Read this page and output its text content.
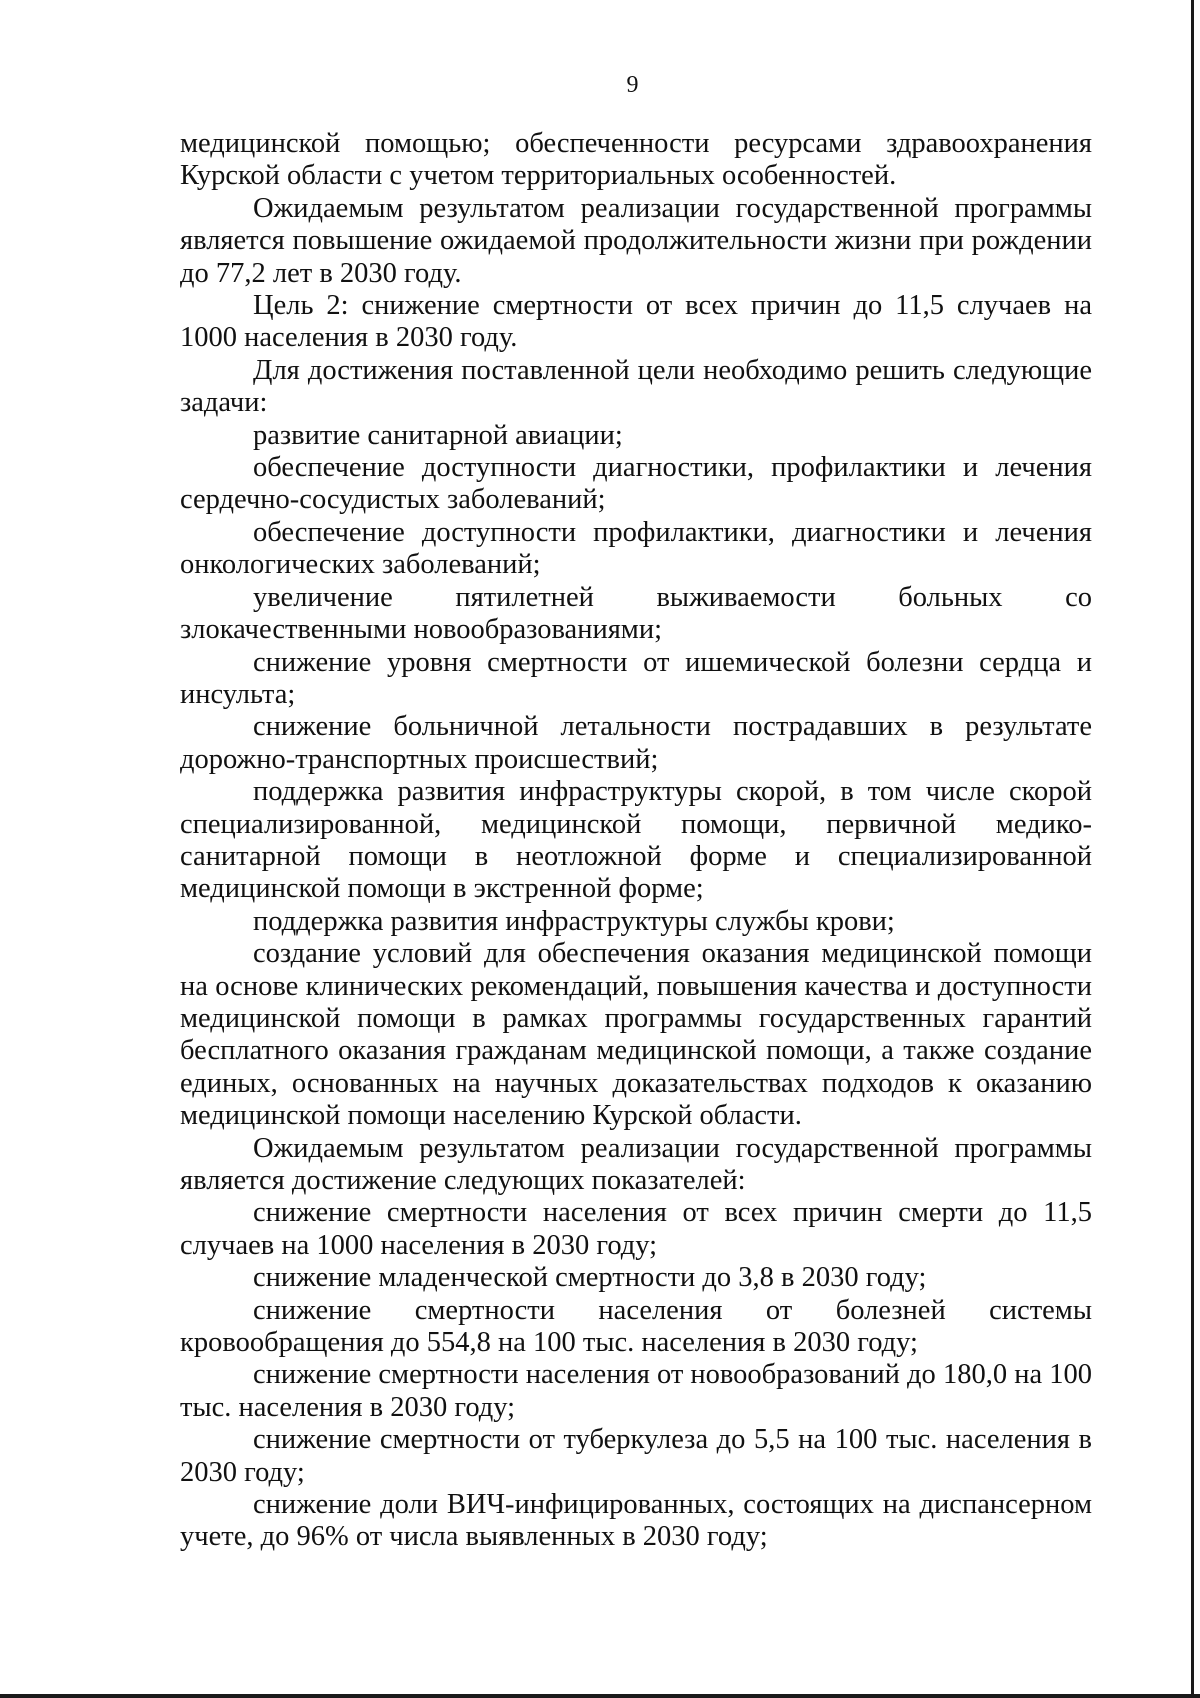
9

медицинской помощью; обеспеченности ресурсами здравоохранения Курской области с учетом территориальных особенностей.

Ожидаемым результатом реализации государственной программы является повышение ожидаемой продолжительности жизни при рождении до 77,2 лет в 2030 году.

Цель 2: снижение смертности от всех причин до 11,5 случаев на 1000 населения в 2030 году.

Для достижения поставленной цели необходимо решить следующие задачи:

развитие санитарной авиации;

обеспечение доступности диагностики, профилактики и лечения сердечно-сосудистых заболеваний;

обеспечение доступности профилактики, диагностики и лечения онкологических заболеваний;

увеличение пятилетней выживаемости больных со злокачественными новообразованиями;

снижение уровня смертности от ишемической болезни сердца и инсульта;

снижение больничной летальности пострадавших в результате дорожно-транспортных происшествий;

поддержка развития инфраструктуры скорой, в том числе скорой специализированной, медицинской помощи, первичной медико-санитарной помощи в неотложной форме и специализированной медицинской помощи в экстренной форме;

поддержка развития инфраструктуры службы крови;

создание условий для обеспечения оказания медицинской помощи на основе клинических рекомендаций, повышения качества и доступности медицинской помощи в рамках программы государственных гарантий бесплатного оказания гражданам медицинской помощи, а также создание единых, основанных на научных доказательствах подходов к оказанию медицинской помощи населению Курской области.

Ожидаемым результатом реализации государственной программы является достижение следующих показателей:

снижение смертности населения от всех причин смерти до 11,5 случаев на 1000 населения в 2030 году;

снижение младенческой смертности до 3,8 в 2030 году;

снижение смертности населения от болезней системы кровообращения до 554,8 на 100 тыс. населения в 2030 году;

снижение смертности населения от новообразований до 180,0 на 100 тыс. населения в 2030 году;

снижение смертности от туберкулеза до 5,5 на 100 тыс. населения в 2030 году;

снижение доли ВИЧ-инфицированных, состоящих на диспансерном учете, до 96% от числа выявленных в 2030 году;
